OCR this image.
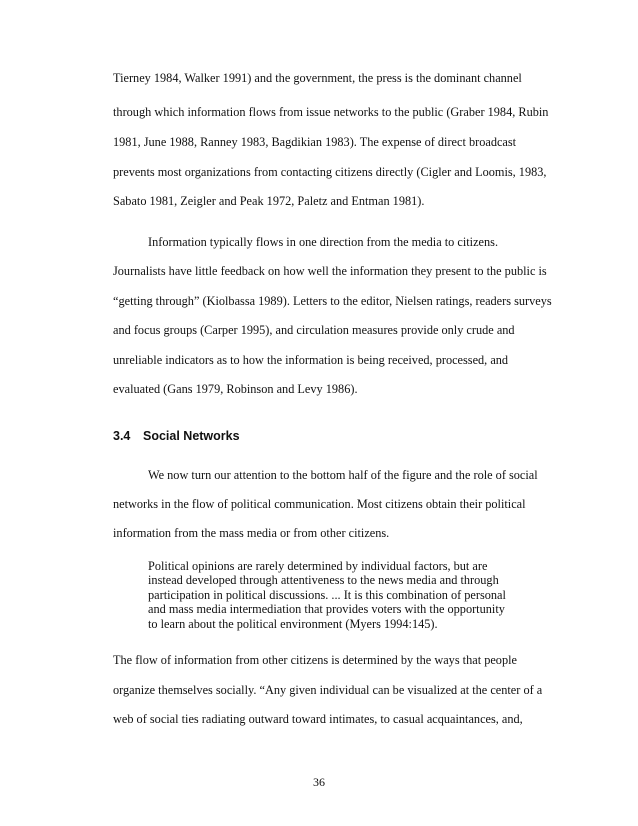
Tierney 1984, Walker 1991) and the government, the press is the dominant channel
through which information flows from issue networks to the public (Graber 1984, Rubin
1981, June 1988, Ranney 1983, Bagdikian 1983). The expense of direct broadcast
prevents most organizations from contacting citizens directly (Cigler and Loomis, 1983,
Sabato 1981, Zeigler and Peak 1972, Paletz and Entman 1981).
Information typically flows in one direction from the media to citizens.
Journalists have little feedback on how well the information they present to the public is
“getting through” (Kiolbassa 1989). Letters to the editor, Nielsen ratings, readers surveys
and focus groups (Carper 1995), and circulation measures provide only crude and
unreliable indicators as to how the information is being received, processed, and
evaluated (Gans 1979, Robinson and Levy 1986).
3.4 Social Networks
We now turn our attention to the bottom half of the figure and the role of social
networks in the flow of political communication. Most citizens obtain their political
information from the mass media or from other citizens.
Political opinions are rarely determined by individual factors, but are
instead developed through attentiveness to the news media and through
participation in political discussions. ... It is this combination of personal
and mass media intermediation that provides voters with the opportunity
to learn about the political environment (Myers 1994:145).
The flow of information from other citizens is determined by the ways that people
organize themselves socially. “Any given individual can be visualized at the center of a
web of social ties radiating outward toward intimates, to casual acquaintances, and,
36
